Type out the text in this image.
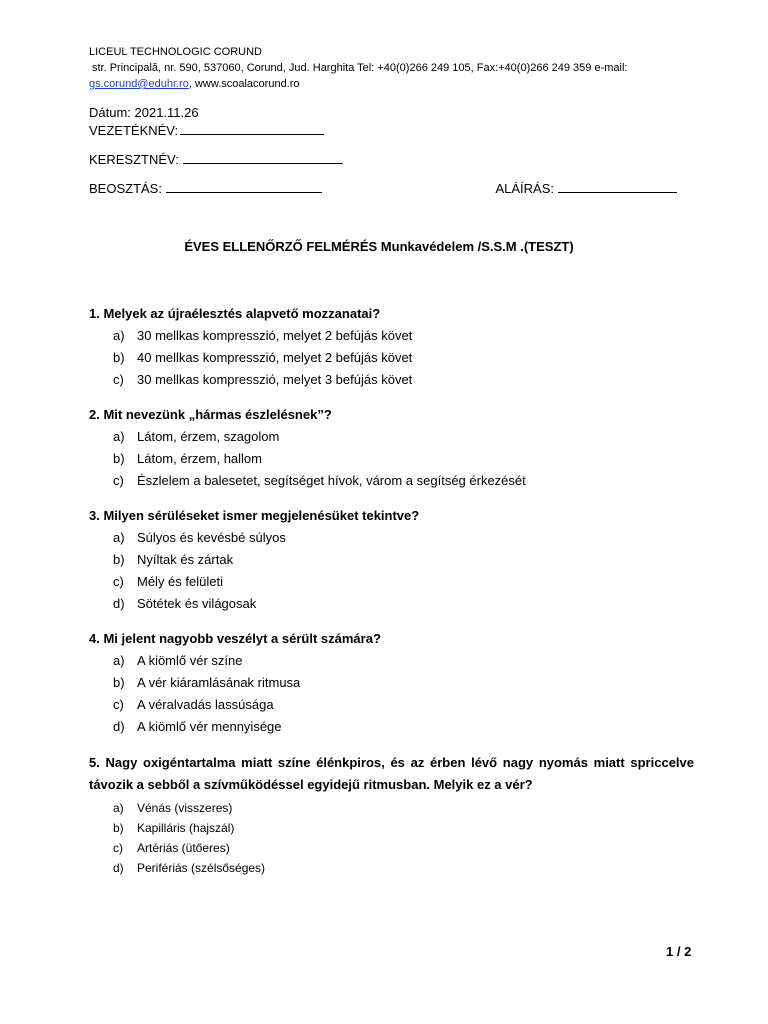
LICEUL TECHNOLOGIC CORUND
str. Principală, nr. 590, 537060, Corund, Jud. Harghita Tel: +40(0)266 249 105, Fax:+40(0)266 249 359 e-mail:
gs.corund@eduhr.ro, www.scoalacorund.ro
Dátum: 2021.11.26
VEZETÉKNÉV:
KERESZTNÉV:
BEOSZTÁS:	ALÁÍRÁS:
ÉVES ELLENŐRZŐ FELMÉRÉS Munkavédelem /S.S.M .(TESZT)
1. Melyek az újraélesztés alapvető mozzanatai?
a) 30 mellkas kompresszió, melyet 2 befújás követ
b) 40 mellkas kompresszió, melyet 2 befújás követ
c)	30 mellkas kompresszió, melyet 3 befújás követ
2. Mit nevezünk „hármas észlelésnek”?
a) Látom, érzem, szagolom
b) Látom, érzem, hallom
c)	Észlelem a balesetet, segítséget hívok, várom a segítség érkezését
3. Milyen sérüléseket ismer megjelenésüket tekintve?
a) Súlyos és kevésbé súlyos
b) Nyíltak és zártak
c)	Mély és felületi
d) Sötétek és világosak
4. Mi jelent nagyobb veszélyt a sérült számára?
a) A kiömlő vér színe
b) A vér kiáramlásának ritmusa
c)	A véralvadás lassúsága
d) A kiömlő vér mennyisége
5. Nagy oxigéntartalma miatt színe élénkpiros, és az érben lévő nagy nyomás miatt spriccelve távozik a sebből a szívműködéssel egyidejű ritmusban. Melyik ez a vér?
a)	Vénás (visszeres)
b)	Kapilláris (hajszál)
c)	Artériás (ütőeres)
d)	Perifériás (szélsőséges)
1 / 2
